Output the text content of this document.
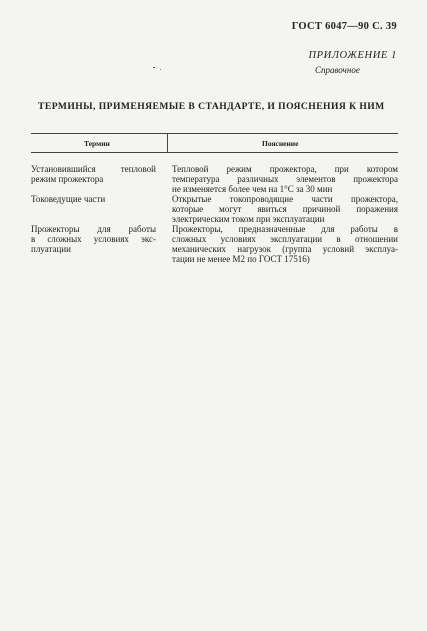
ГОСТ 6047—90 С. 39
ПРИЛОЖЕНИЕ 1
Справочное
ТЕРМИНЫ, ПРИМЕНЯЕМЫЕ В СТАНДАРТЕ, И ПОЯСНЕНИЯ К НИМ
Термин	Пояснение
Установившийся тепловой
режим прожектора
Тепловой режим прожектора, при котором
температура различных элементов прожектора
не изменяется более чем на 1°С за 30 мин
Токоведущие части	Открытые токопроводящие части прожектора,
которые могут явиться причиной поражения
электрическим током при эксплуатации
Прожекторы для работы
в сложных условиях экс-
плуатации
Прожекторы, предназначенные для работы в
сложных условиях эксплуатации в отношении
механических нагрузок (группа условий эксплуа-
тации не менее М2 по ГОСТ 17516)
